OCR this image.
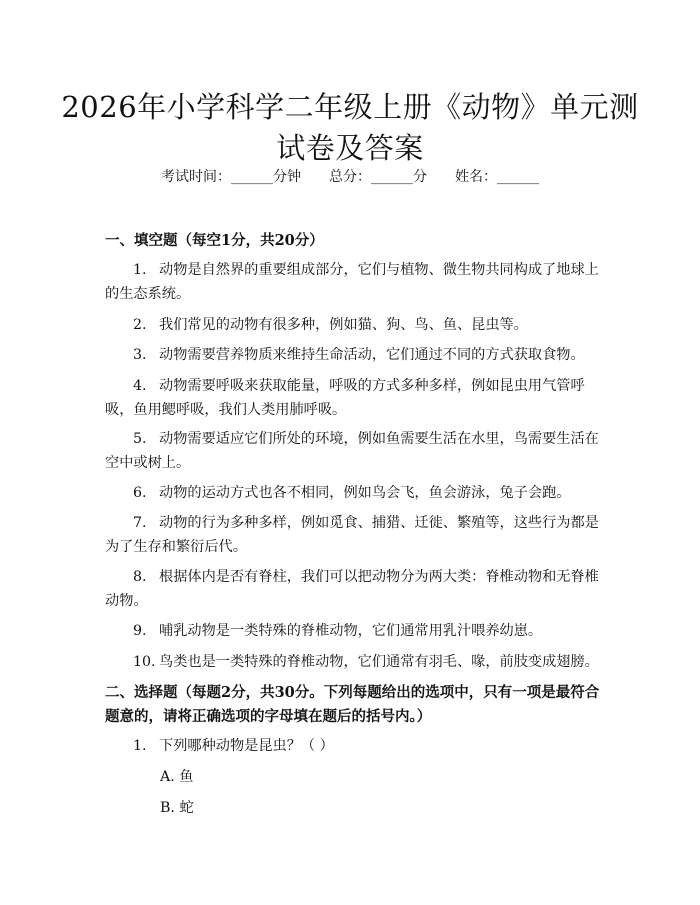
2026年小学科学二年级上册《动物》单元测
试卷及答案
考试时间：______分钟 总分：______分 姓名：______
一、填空题（每空1分，共20分）
1. 动物是自然界的重要组成部分，它们与植物、微生物共同构成了地球上的生态系统。
2. 我们常见的动物有很多种，例如猫、狗、鸟、鱼、昆虫等。
3. 动物需要营养物质来维持生命活动，它们通过不同的方式获取食物。
4. 动物需要呼吸来获取能量，呼吸的方式多种多样，例如昆虫用气管呼吸，鱼用鳃呼吸，我们人类用肺呼吸。
5. 动物需要适应它们所处的环境，例如鱼需要生活在水里，鸟需要生活在空中或树上。
6. 动物的运动方式也各不相同，例如鸟会飞，鱼会游泳，兔子会跑。
7. 动物的行为多种多样，例如觅食、捕猎、迁徙、繁殖等，这些行为都是为了生存和繁衍后代。
8. 根据体内是否有脊柱，我们可以把动物分为两大类：脊椎动物和无脊椎动物。
9. 哺乳动物是一类特殊的脊椎动物，它们通常用乳汁喂养幼崽。
10. 鸟类也是一类特殊的脊椎动物，它们通常有羽毛、喙，前肢变成翅膀。
二、选择题（每题2分，共30分。下列每题给出的选项中，只有一项是最符合题意的，请将正确选项的字母填在题后的括号内。）
1. 下列哪种动物是昆虫？（ ）
A. 鱼
B. 蛇
